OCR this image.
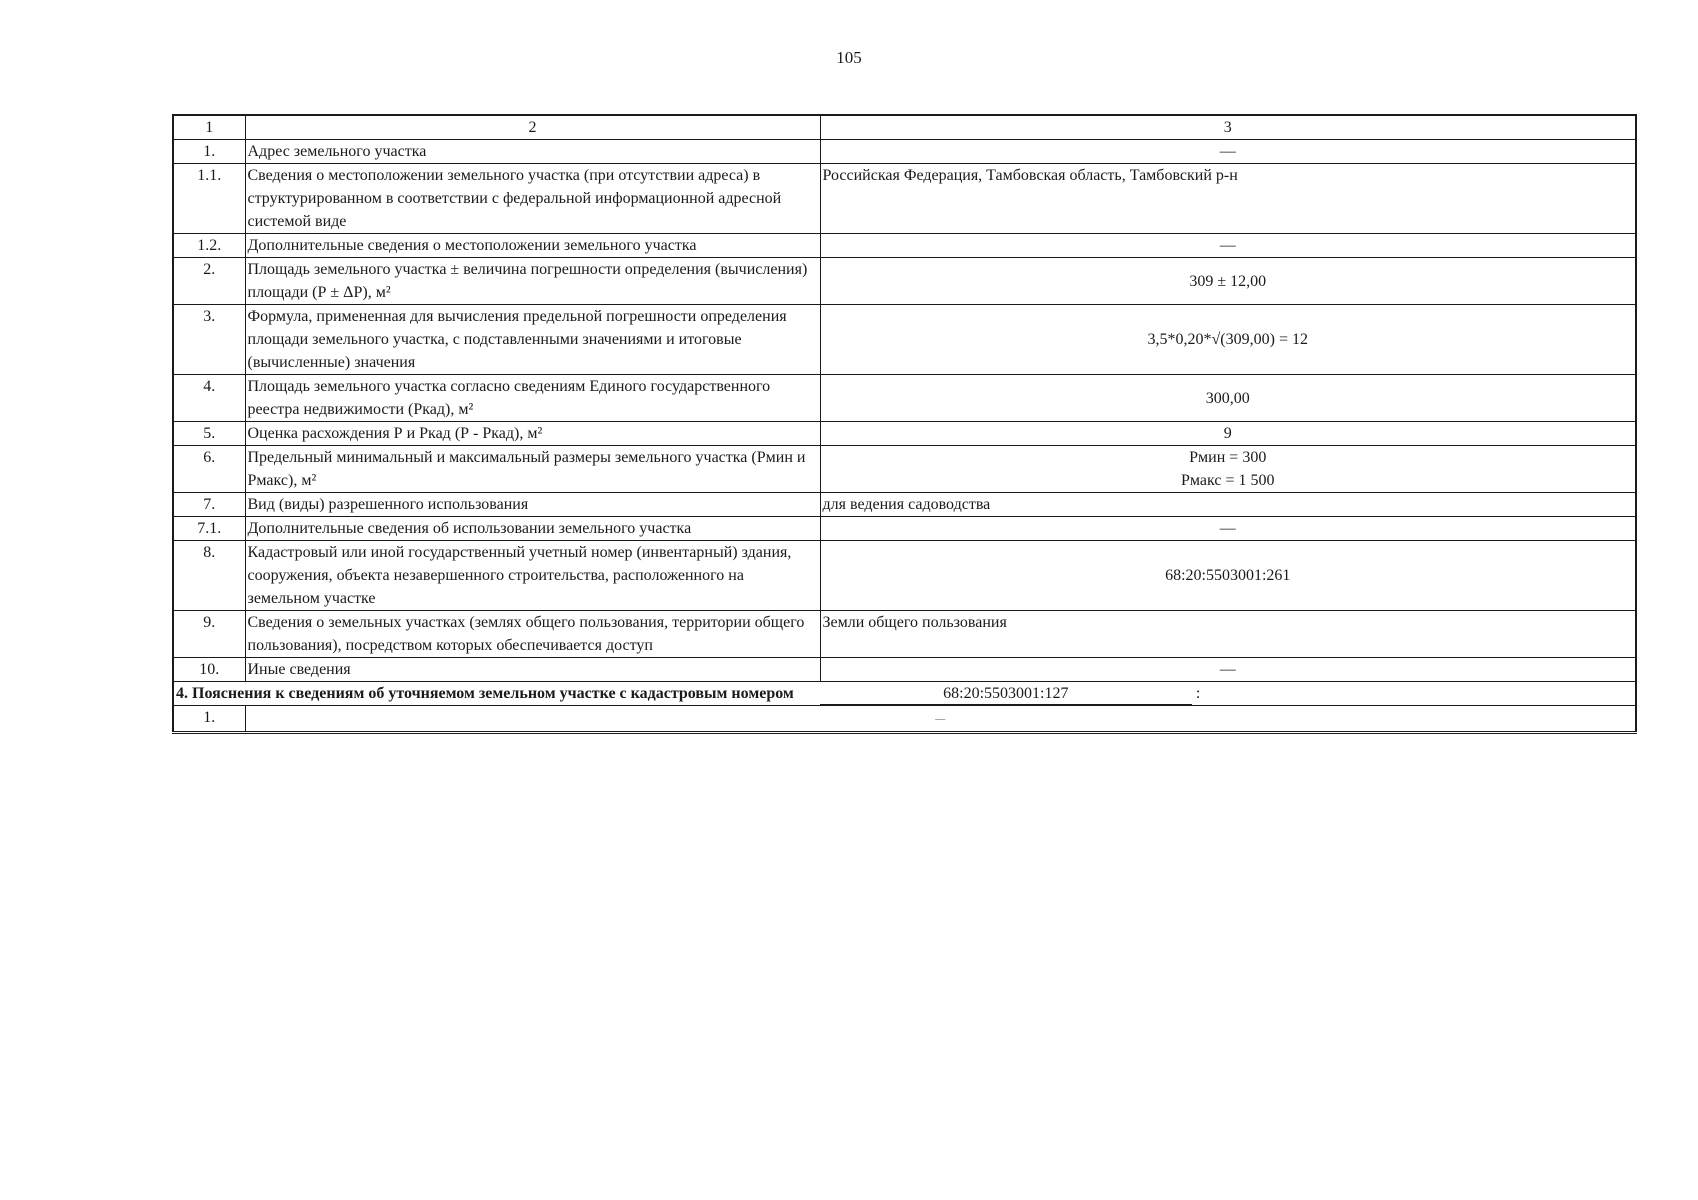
105
1	2	3
1.	Адрес земельного участка	—
1.1.	Сведения о местоположении земельного участка (при отсутствии адреса) в структурированном в соответствии с федеральной информационной адресной системой виде	Российская Федерация, Тамбовская область, Тамбовский р-н
1.2.	Дополнительные сведения о местоположении земельного участка	—
2.	Площадь земельного участка ± величина погрешности определения (вычисления) площади (Р ± ΔР), м²	309 ± 12,00
3.	Формула, примененная для вычисления предельной погрешности определения площади земельного участка, с подставленными значениями и итоговые (вычисленные) значения	3,5*0,20*√(309,00) = 12
4.	Площадь земельного участка согласно сведениям Единого государственного реестра недвижимости (Ркад), м²	300,00
5.	Оценка расхождения Р и Ркад (Р - Ркад), м²	9
6.	Предельный минимальный и максимальный размеры земельного участка (Рмин и Рмакс), м²	Рмин = 300
Рмакс = 1 500

7.	Вид (виды) разрешенного использования	для ведения садоводства
7.1.	Дополнительные сведения об использовании земельного участка	—
8.	Кадастровый или иной государственный учетный номер (инвентарный) здания, сооружения, объекта незавершенного строительства, расположенного на земельном участке	68:20:5503001:261
9.	Сведения о земельных участках (землях общего пользования, территории общего пользования), посредством которых обеспечивается доступ	Земли общего пользования
10.	Иные сведения	—
4. Пояснения к сведениям об уточняемом земельном участке с кадастровым номером 68:20:5503001:127 :		
1.	—	
